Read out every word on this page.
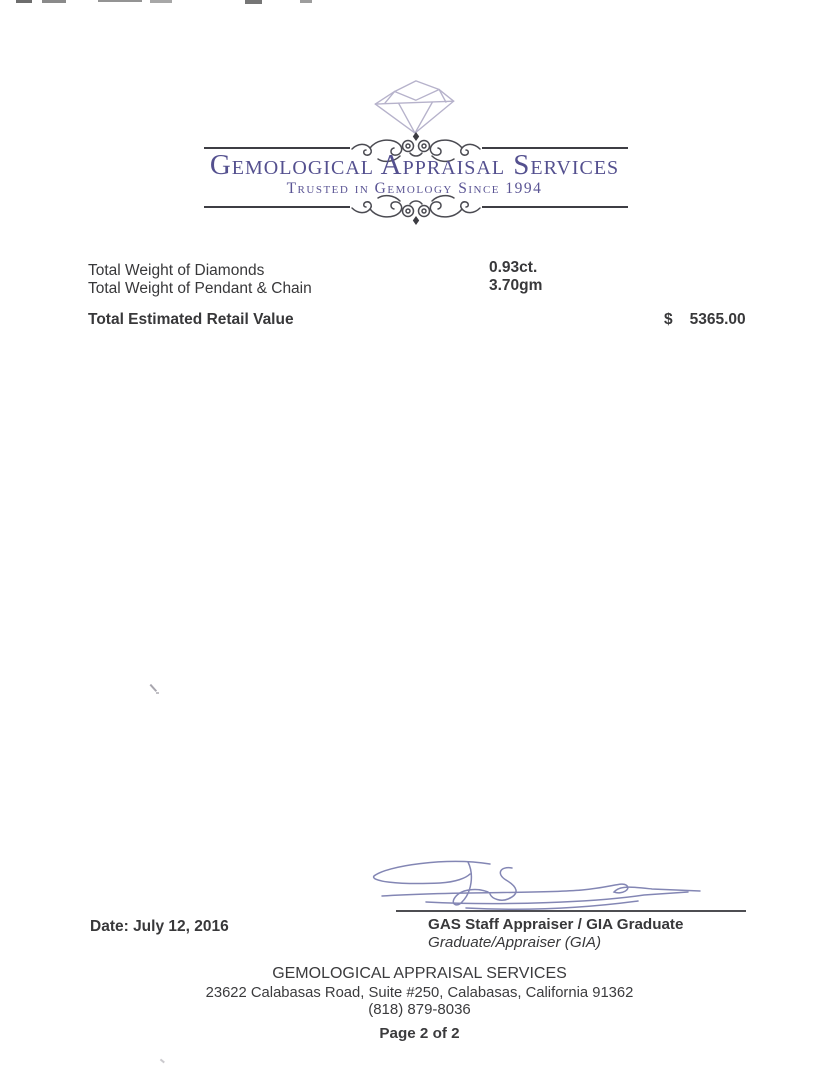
Gemological Appraisal Services
Trusted in Gemology Since 1994
Total Weight of Diamonds
Total Weight of Pendant & Chain
0.93ct.
3.70gm
Total Estimated Retail Value	$ 5365.00
Date: July 12, 2016	GAS Staff Appraiser / GIA Graduate
Graduate/Appraiser (GIA)
GEMOLOGICAL APPRAISAL SERVICES
23622 Calabasas Road, Suite #250, Calabasas, California 91362
(818) 879-8036
Page 2 of 2
